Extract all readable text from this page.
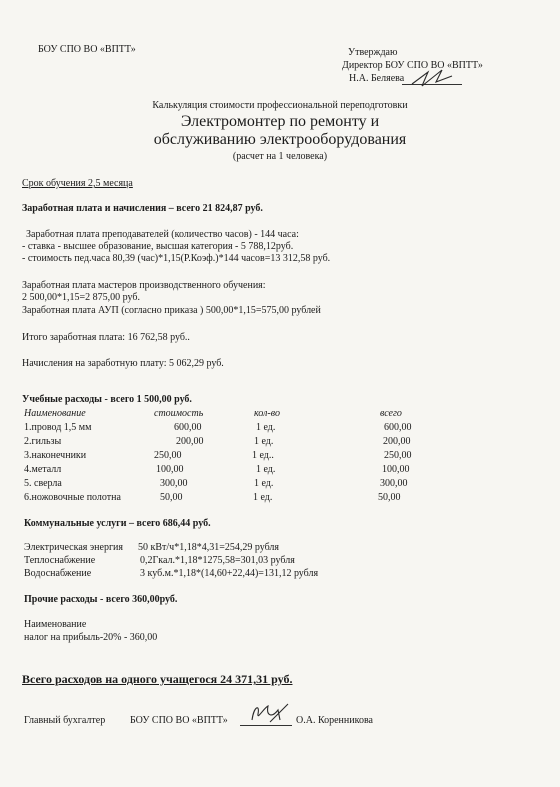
БОУ СПО ВО «ВПТТ»	Утверждаю
Директор БОУ СПО ВО «ВПТТ»
Н.А. Беляева
Калькуляция стоимости профессиональной переподготовки
Электромонтер по ремонту и
обслуживанию электрооборудования
(расчет на 1 человека)
Срок обучения 2,5 месяца
Заработная плата и начисления – всего 21 824,87 руб.
Заработная плата преподавателей (количество часов) - 144 часа:
- ставка - высшее образование, высшая категория - 5 788,12руб.
- стоимость пед.часа 80,39 (час)*1,15(Р.Коэф.)*144 часов=13 312,58 руб.
Заработная плата мастеров производственного обучения:
2 500,00*1,15=2 875,00 руб.
Заработная плата АУП (согласно приказа ) 500,00*1,15=575,00 рублей
Итого заработная плата: 16 762,58 руб..
Начисления на заработную плату: 5 062,29 руб.
Учебные расходы - всего 1 500,00 руб.
Наименование	стоимость	кол-во	всего
1.провод 1,5 мм	600,00	1 ед.	600,00
2.гильзы	200,00	1 ед.	200,00
3.наконечники	250,00	1 ед..	250,00
4.металл	100,00	1 ед.	100,00
5. сверла	300,00	1 ед.	300,00
6.ножовочные полотна	50,00	1 ед.	50,00
Коммунальные услуги – всего 686,44 руб.
Электрическая энергия 50 кВт/ч*1,18*4,31=254,29 рубля
Теплоснабжение	0,2Гкал.*1,18*1275,58=301,03 рубля
Водоснабжение	3 куб.м.*1,18*(14,60+22,44)=131,12 рубля
Прочие расходы - всего 360,00руб.
Наименование
налог на прибыль-20% - 360,00
Всего расходов на одного учащегося 24 371,31 руб.
Главный бухгалтер БОУ СПО ВО «ВПТТ»	О.А. Коренникова
